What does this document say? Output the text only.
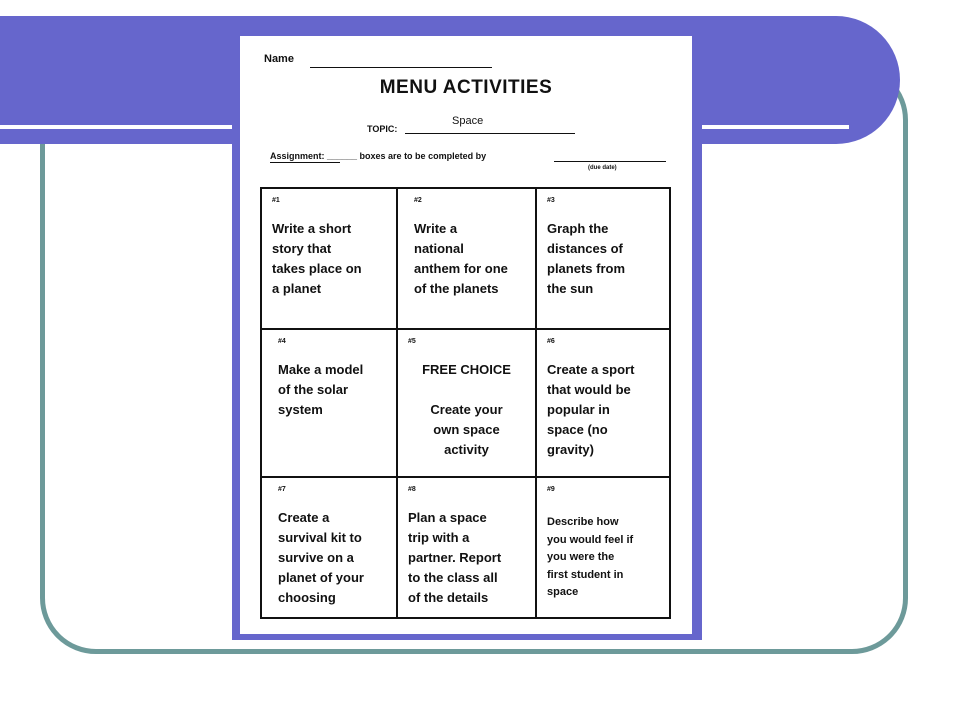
Name
MENU ACTIVITIES
TOPIC:
Space
Assignment: ______ boxes are to be completed by
(due date)
#1
Write a short
story that
takes place on
a planet
#2
Write a
national
anthem for one
of the planets
#3
Graph the
distances of
planets from
the sun
#4
Make a model
of the solar
system
#5
FREE CHOICE

Create your
own space
activity
#6
Create a sport
that would be
popular in
space (no
gravity)
#7
Create a
survival kit to
survive on a
planet of your
choosing
#8
Plan a space
trip with a
partner. Report
to the class all
of the details
#9
Describe how
you would feel if
you were the
first student in
space
